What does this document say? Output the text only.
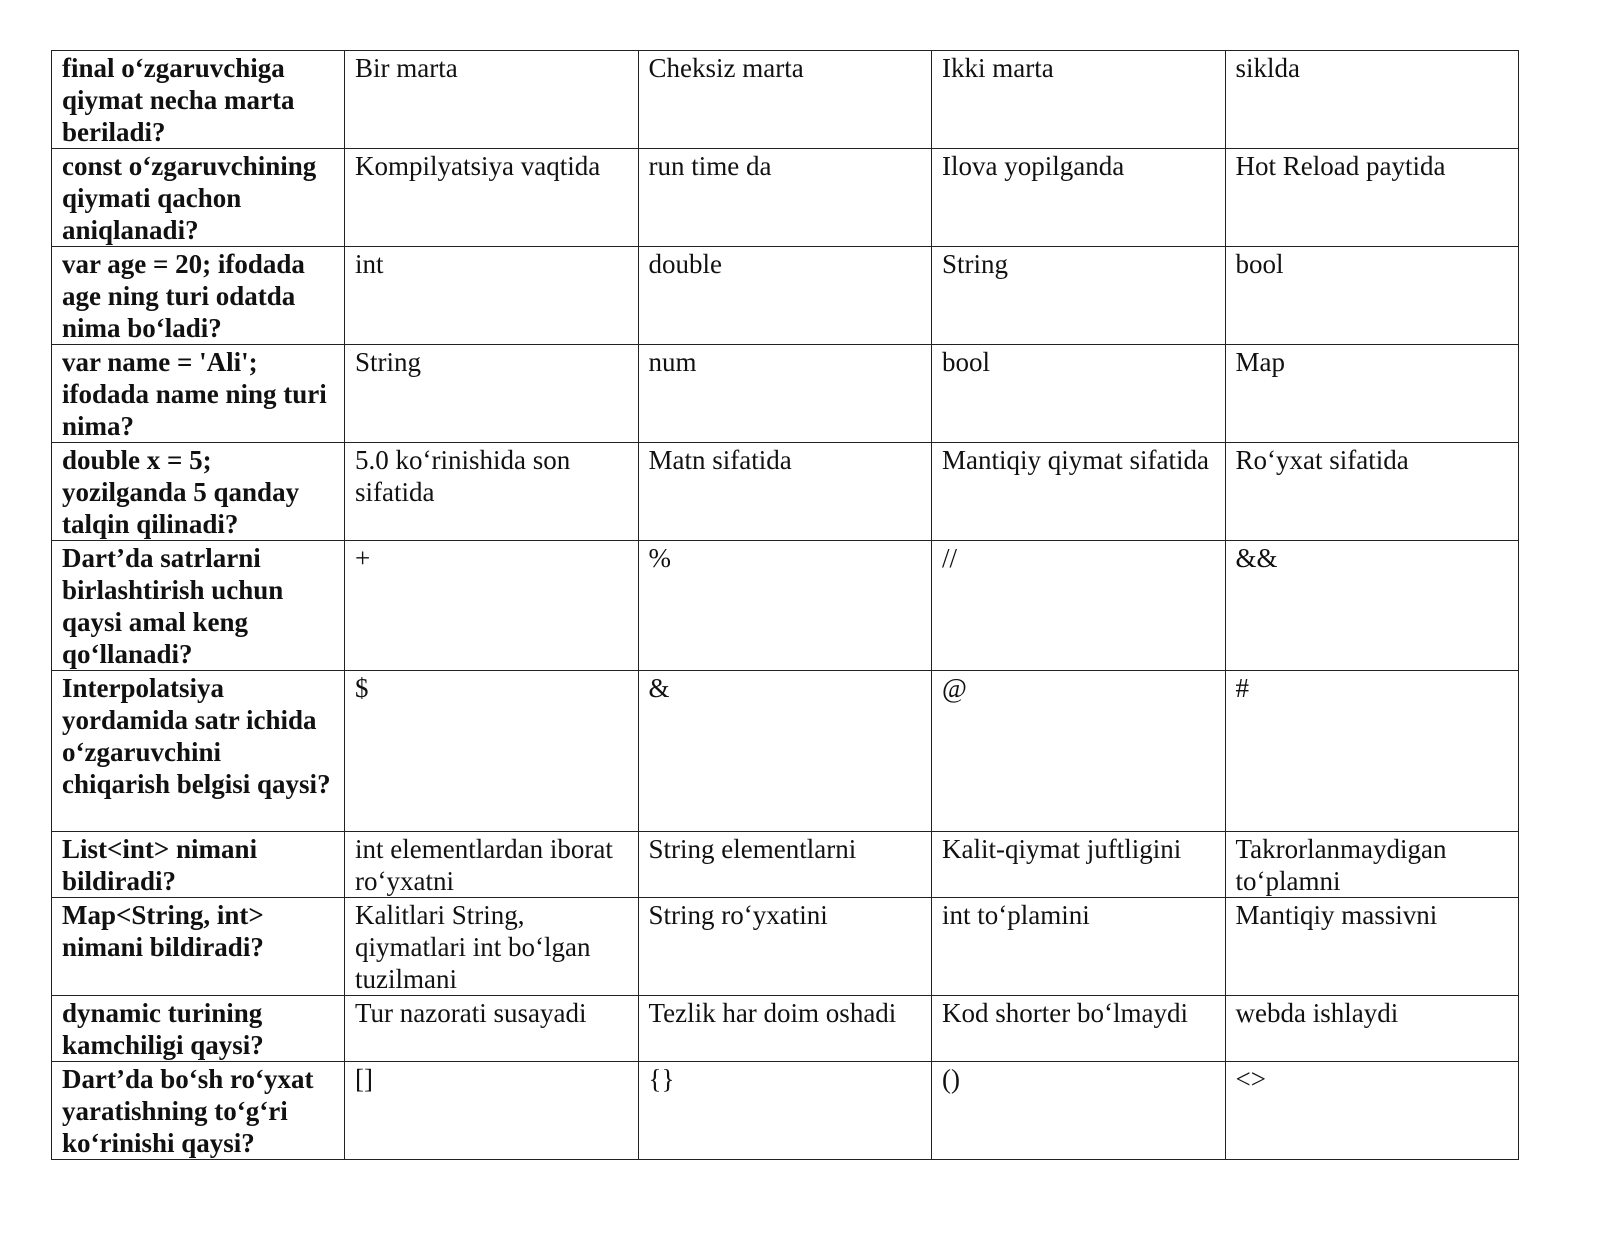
final o‘zgaruvchiga qiymat necha marta beriladi?	Bir marta	Cheksiz marta	Ikki marta	siklda
const o‘zgaruvchining qiymati qachon aniqlanadi?	Kompilyatsiya vaqtida	run time da	Ilova yopilganda	Hot Reload paytida
var age = 20; ifodada age ning turi odatda nima bo‘ladi?	int	double	String	bool
var name = 'Ali'; ifodada name ning turi nima?	String	num	bool	Map
double x = 5; yozilganda 5 qanday talqin qilinadi?	5.0 ko‘rinishida son sifatida	Matn sifatida	Mantiqiy qiymat sifatida	Ro‘yxat sifatida
Dart’da satrlarni birlashtirish uchun qaysi amal keng qo‘llanadi?	+	%	//	&&
Interpolatsiya yordamida satr ichida o‘zgaruvchini chiqarish belgisi qaysi?	$	&	@	#
List<int> nimani bildiradi?	int elementlardan iborat ro‘yxatni	String elementlarni	Kalit-qiymat juftligini	Takrorlanmaydigan to‘plamni
Map<String, int> nimani bildiradi?	Kalitlari String, qiymatlari int bo‘lgan tuzilmani	String ro‘yxatini	int to‘plamini	Mantiqiy massivni
dynamic turining kamchiligi qaysi?	Tur nazorati susayadi	Tezlik har doim oshadi	Kod shorter bo‘lmaydi	webda ishlaydi
Dart’da bo‘sh ro‘yxat yaratishning to‘g‘ri ko‘rinishi qaysi?	[]	{}	()	<>
